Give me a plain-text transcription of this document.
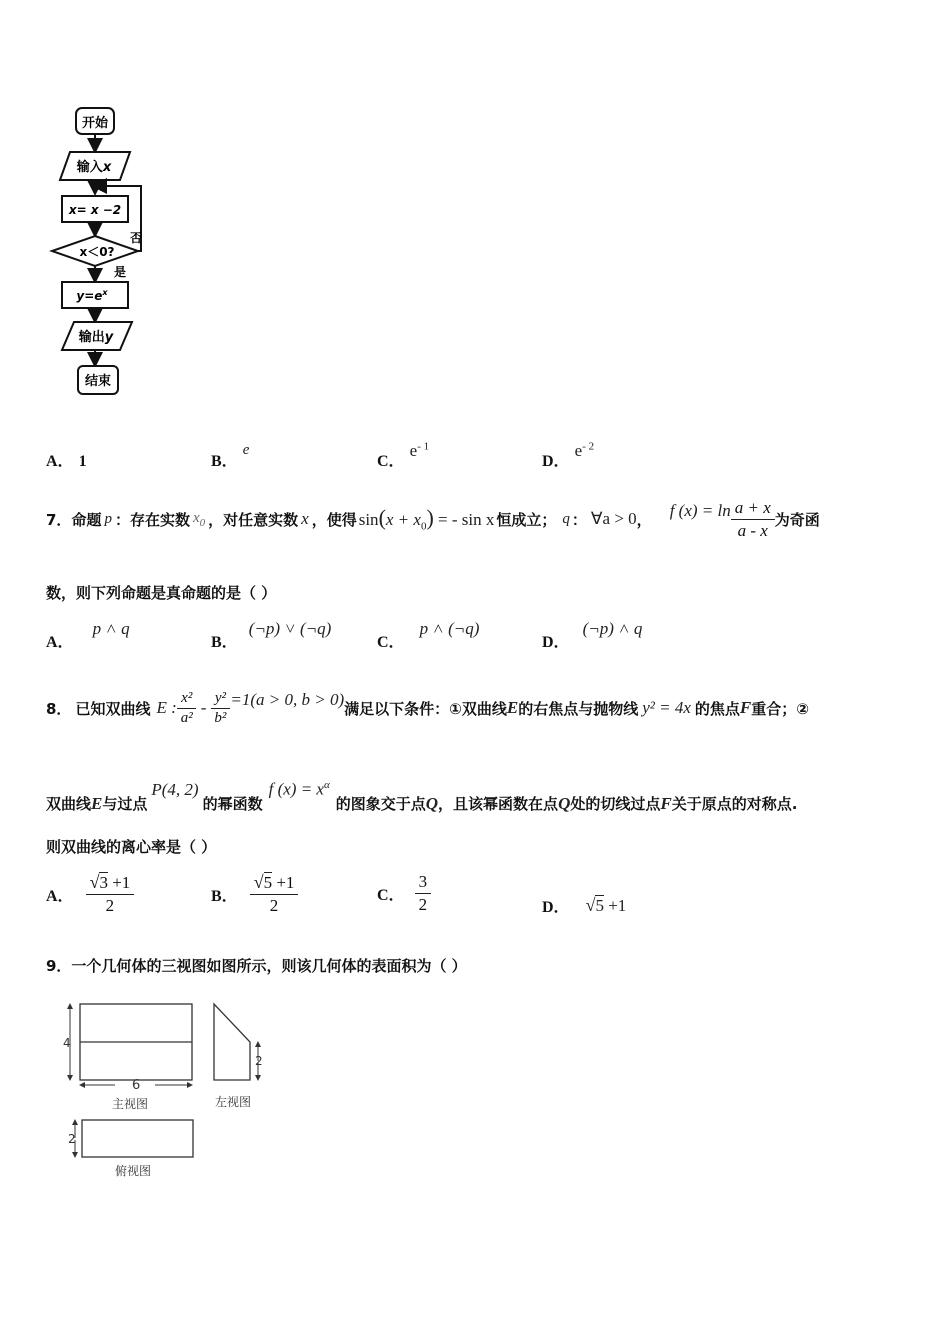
开始
输入x
x= x −2
x＜0?
否
是
$y=e^x$
输出y
结束
A． 1	B． e
C． $e^{- 1}$
D． $e^{- 2}$
7． 命题 p ：存在实数 $x_0$ ，对任意实数 x ，使得 $\sin(x + x_0)$ = - sin x 恒成立； q ： ∀a > 0 ， f $(x) = \ln \frac{a + x}{a - x}$ 为奇函
数，则下列命题是真命题的是（ ）
A． p ˄ q
B． (¬p) ˅ (¬q)
C． p ˄ (¬q)
D． (¬p) ˄ q
8． 已知双曲线 E : $\frac{\text{x²}}{\text{a²}} - \frac{\text{y²}}{\text{b²}} =1(a > 0$, b > 0) 满足以下条件：①双曲线 E 的右焦点与抛物线 y² = 4x 的焦点 F 重合；②
双曲线 E 与过点
P(4, 2)
的幂函数
f $(x) = x^\alpha$
的图象交于点 Q ，且该幂函数在点 Q 处的切线过点 F 关于原点的对称点.
则双曲线的离心率是（ ）
A． $\frac{√3 +1}{2}$	B． $\frac{√5 +1}{2}$	C． $\frac{3}{2}$	D． √5 +1
9．一个几何体的三视图如图所示，则该几何体的表面积为（ ）
4
6
主视图
2
左视图
2
俯视图
